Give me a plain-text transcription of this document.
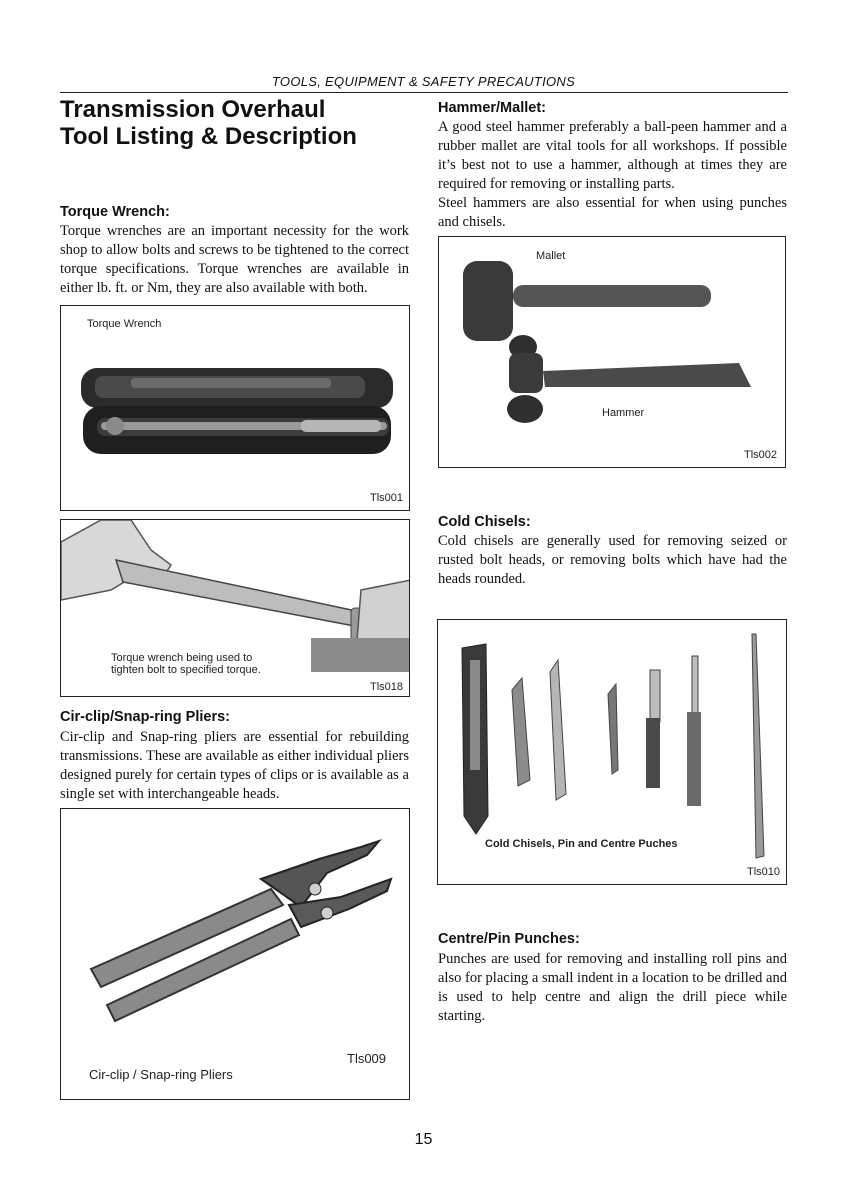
TOOLS, EQUIPMENT & SAFETY PRECAUTIONS
Transmission Overhaul
Tool Listing & Description
Torque Wrench:
Torque wrenches are an important necessity for the work shop to allow bolts and screws to be tightened to the correct torque specifications. Torque wrenches are available in either lb. ft. or Nm, they are also available with both.
Torque Wrench
Tls001
Torque wrench being used to
tighten bolt to specified torque.
Tls018
Cir-clip/Snap-ring Pliers:
Cir-clip and Snap-ring pliers are essential for rebuilding transmissions. These are available as either individual pliers designed purely for certain types of clips or is available as a single set with interchangeable heads.
Tls009
Cir-clip / Snap-ring Pliers
Hammer/Mallet:
A good steel hammer preferably a ball-peen hammer and a rubber mallet are vital tools for all workshops. If possible it’s best not to use a hammer, although at times they are required for removing or installing parts.
Steel hammers are also essential for when using punches and chisels.
Mallet
Hammer
Tls002
Cold Chisels:
Cold chisels are generally used for removing seized or rusted bolt heads, or removing bolts which have had the heads rounded.
Cold Chisels, Pin and Centre Puches
Tls010
Centre/Pin Punches:
Punches are used for removing and installing roll pins and also for placing a small indent in a location to be drilled and is used to help centre and align the drill piece while starting.
15
